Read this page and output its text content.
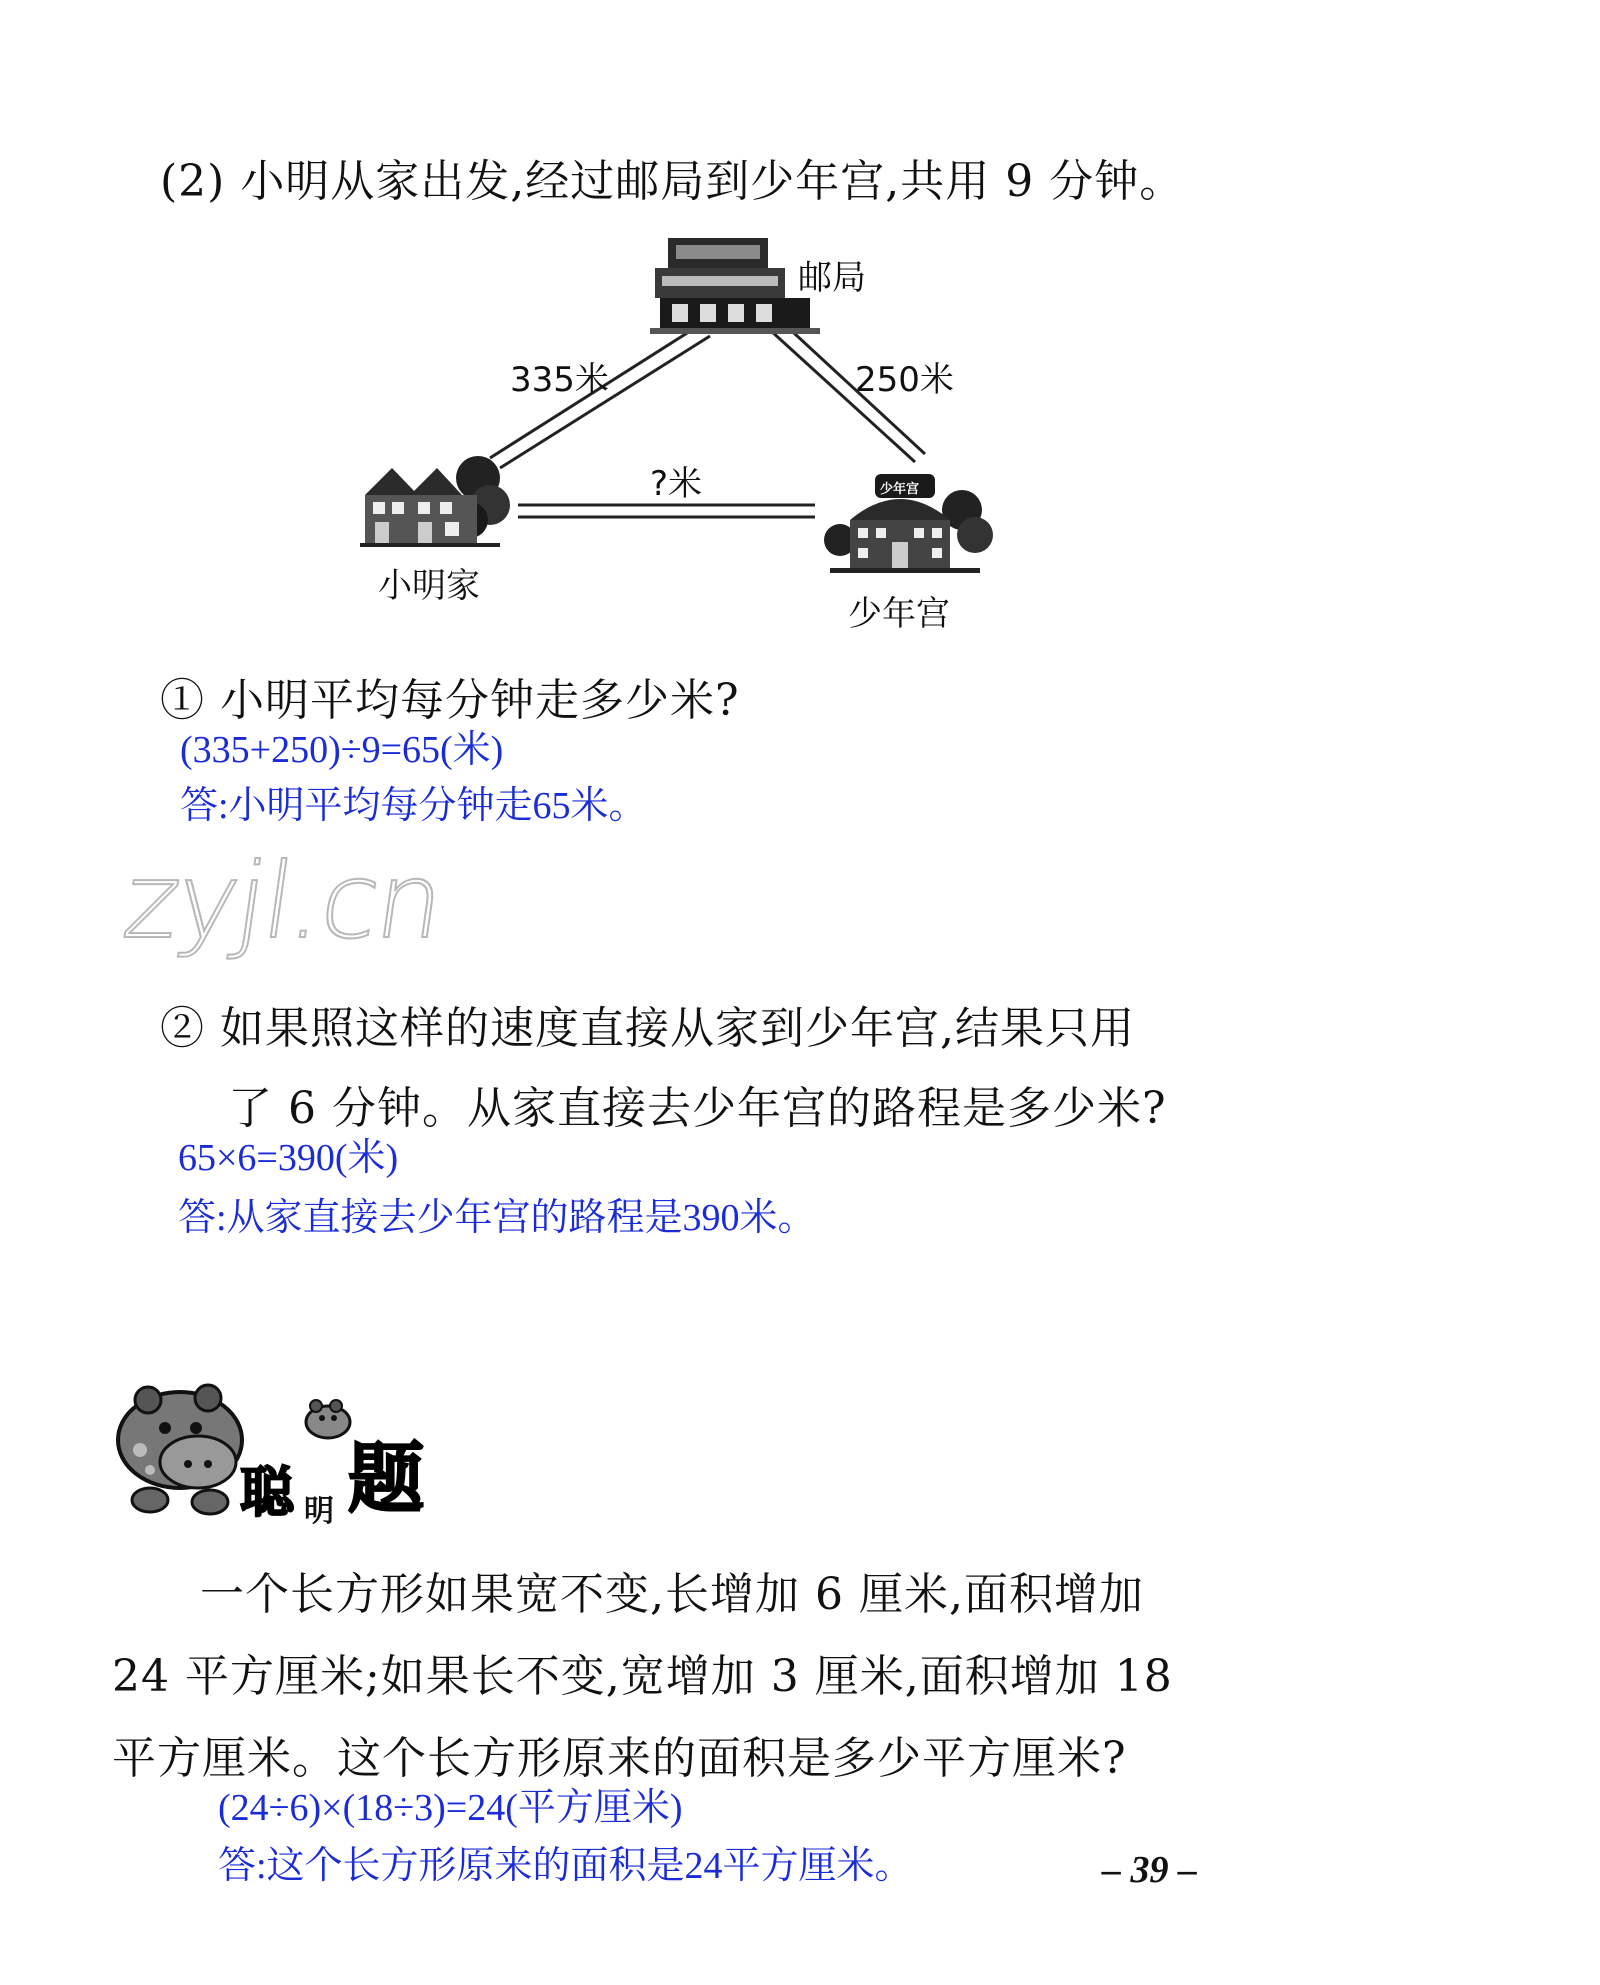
(2) 小明从家出发,经过邮局到少年宫,共用 9 分钟。
少年宫
邮局
335米	250米
?米
小明家
少年宫
① 小明平均每分钟走多少米?
(335+250)÷9=65(米)
答:小明平均每分钟走65米。
zyjl.cn
② 如果照这样的速度直接从家到少年宫,结果只用
了 6 分钟。从家直接去少年宫的路程是多少米?
65×6=390(米)
答:从家直接去少年宫的路程是390米。
聪 明 题
一个长方形如果宽不变,长增加 6 厘米,面积增加
24 平方厘米;如果长不变,宽增加 3 厘米,面积增加 18
平方厘米。这个长方形原来的面积是多少平方厘米?
(24÷6)×(18÷3)=24(平方厘米)
答:这个长方形原来的面积是24平方厘米。	– 39 –
